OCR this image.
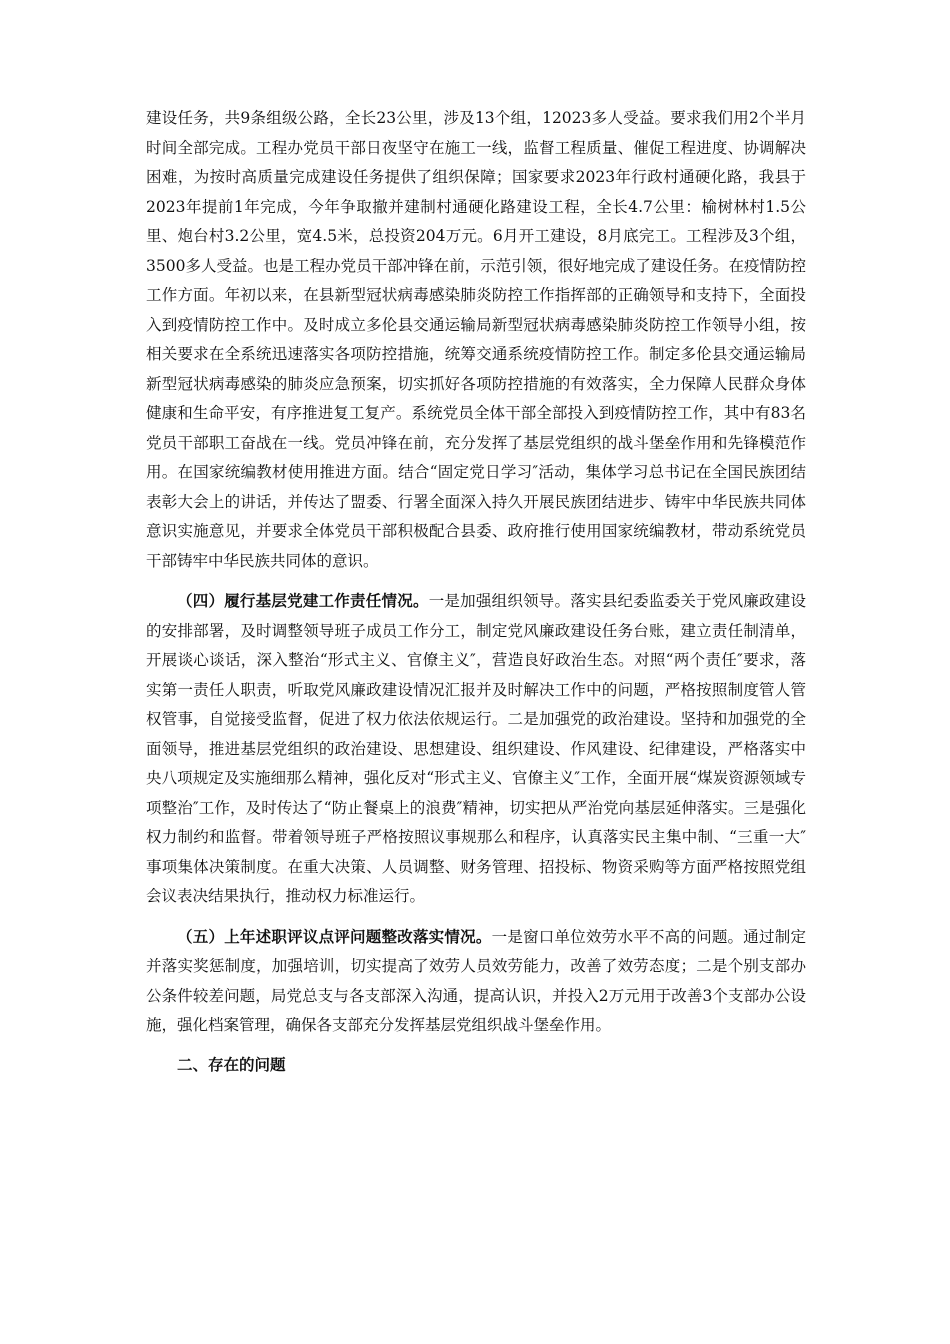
建设任务，共9条组级公路，全长23公里，涉及13个组，12023多人受益。要求我们用2个半月时间全部完成。工程办党员干部日夜坚守在施工一线，监督工程质量、催促工程进度、协调解决困难，为按时高质量完成建设任务提供了组织保障；国家要求2023年行政村通硬化路，我县于2023年提前1年完成，今年争取撤并建制村通硬化路建设工程，全长4.7公里：榆树林村1.5公里、炮台村3.2公里，宽4.5米，总投资204万元。6月开工建设，8月底完工。工程涉及3个组，3500多人受益。也是工程办党员干部冲锋在前，示范引领，很好地完成了建设任务。在疫情防控工作方面。年初以来，在县新型冠状病毒感染肺炎防控工作指挥部的正确领导和支持下，全面投入到疫情防控工作中。及时成立多伦县交通运输局新型冠状病毒感染肺炎防控工作领导小组，按相关要求在全系统迅速落实各项防控措施，统筹交通系统疫情防控工作。制定多伦县交通运输局新型冠状病毒感染的肺炎应急预案，切实抓好各项防控措施的有效落实，全力保障人民群众身体健康和生命平安，有序推进复工复产。系统党员全体干部全部投入到疫情防控工作，其中有83名党员干部职工奋战在一线。党员冲锋在前，充分发挥了基层党组织的战斗堡垒作用和先锋模范作用。在国家统编教材使用推进方面。结合“固定党日学习″活动，集体学习总书记在全国民族团结表彰大会上的讲话，并传达了盟委、行署全面深入持久开展民族团结进步、铸牢中华民族共同体意识实施意见，并要求全体党员干部积极配合县委、政府推行使用国家统编教材，带动系统党员干部铸牢中华民族共同体的意识。

（四）履行基层党建工作责任情况。一是加强组织领导。落实县纪委监委关于党风廉政建设的安排部署，及时调整领导班子成员工作分工，制定党风廉政建设任务台账，建立责任制清单，开展谈心谈话，深入整治“形式主义、官僚主义″，营造良好政治生态。对照“两个责任″要求，落实第一责任人职责，听取党风廉政建设情况汇报并及时解决工作中的问题，严格按照制度管人管权管事，自觉接受监督，促进了权力依法依规运行。二是加强党的政治建设。坚持和加强党的全面领导，推进基层党组织的政治建设、思想建设、组织建设、作风建设、纪律建设，严格落实中央八项规定及实施细那么精神，强化反对“形式主义、官僚主义″工作，全面开展“煤炭资源领域专项整治″工作，及时传达了“防止餐桌上的浪费″精神，切实把从严治党向基层延伸落实。三是强化权力制约和监督。带着领导班子严格按照议事规那么和程序，认真落实民主集中制、“三重一大″事项集体决策制度。在重大决策、人员调整、财务管理、招投标、物资采购等方面严格按照党组会议表决结果执行，推动权力标准运行。

（五）上年述职评议点评问题整改落实情况。一是窗口单位效劳水平不高的问题。通过制定并落实奖惩制度，加强培训，切实提高了效劳人员效劳能力，改善了效劳态度；二是个别支部办公条件较差问题，局党总支与各支部深入沟通，提高认识，并投入2万元用于改善3个支部办公设施，强化档案管理，确保各支部充分发挥基层党组织战斗堡垒作用。

二、存在的问题
